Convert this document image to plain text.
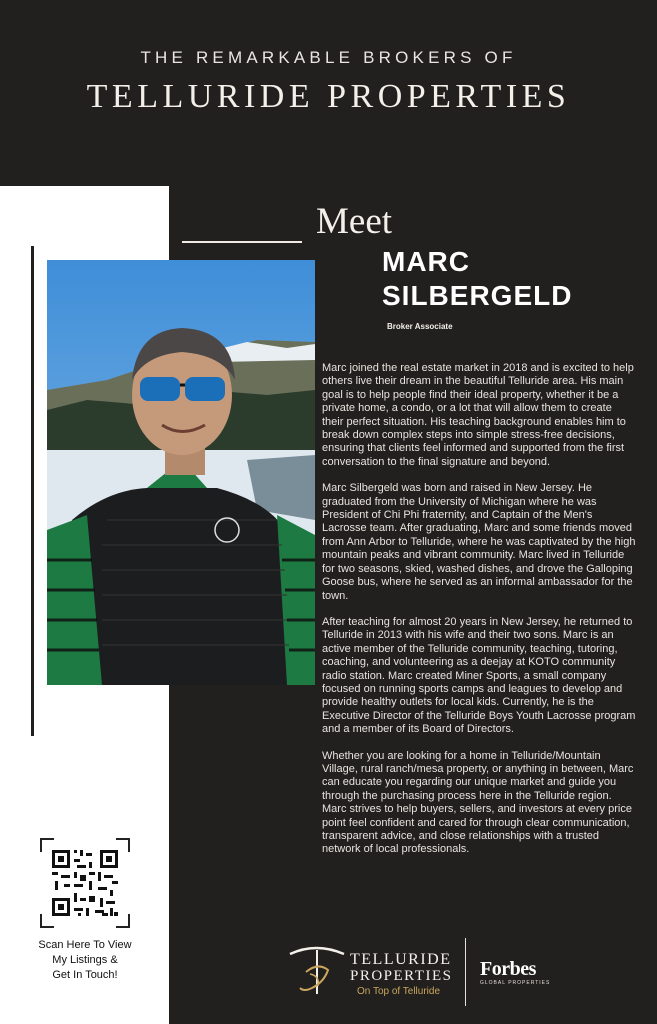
THE REMARKABLE BROKERS OF
TELLURIDE PROPERTIES
Meet
MARC
SILBERGELD
Broker Associate

Marc joined the real estate market in 2018 and is excited to help others live their dream in the beautiful Telluride area. His main goal is to help people find their ideal property, whether it be a private home, a condo, or a lot that will allow them to create their perfect situation. His teaching background enables him to break down complex steps into simple stress-free decisions, ensuring that clients feel informed and supported from the first conversation to the final signature and beyond.

Marc Silbergeld was born and raised in New Jersey. He graduated from the University of Michigan where he was President of Chi Phi fraternity, and Captain of the Men's Lacrosse team. After graduating, Marc and some friends moved from Ann Arbor to Telluride, where he was captivated by the high mountain peaks and vibrant community. Marc lived in Telluride for two seasons, skied, washed dishes, and drove the Galloping Goose bus, where he served as an informal ambassador for the town.

After teaching for almost 20 years in New Jersey, he returned to Telluride in 2013 with his wife and their two sons. Marc is an active member of the Telluride community, teaching, tutoring, coaching, and volunteering as a deejay at KOTO community radio station. Marc created Miner Sports, a small company focused on running sports camps and leagues to develop and provide healthy outlets for local kids. Currently, he is the Executive Director of the Telluride Boys Youth Lacrosse program and a member of its Board of Directors.

Whether you are looking for a home in Telluride/Mountain Village, rural ranch/mesa property, or anything in between, Marc can educate you regarding our unique market and guide you through the purchasing process here in the Telluride region. Marc strives to help buyers, sellers, and investors at every price point feel confident and cared for through clear communication, transparent advice, and close relationships with a trusted network of local professionals.

Scan Here To View
My Listings &
Get In Touch!
TELLURIDE
PROPERTIES
On Top of Telluride
Forbes
GLOBAL PROPERTIES
